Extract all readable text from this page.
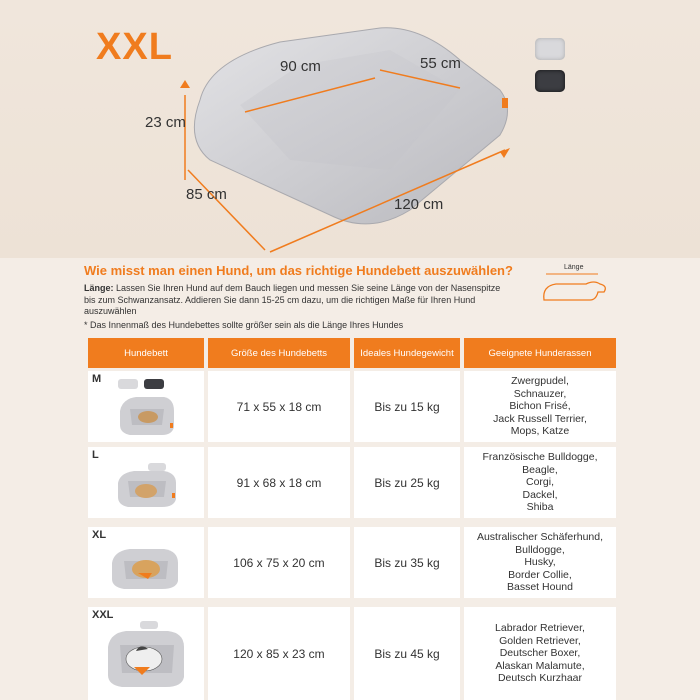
XXL	90 cm	55 cm
23 cm
85 cm
120 cm
Wie misst man einen Hund, um das richtige Hundebett auszuwählen?
Länge: Lassen Sie Ihren Hund auf dem Bauch liegen und messen Sie seine Länge von der Nasenspitze bis zum Schwanzansatz. Addieren Sie dann 15-25 cm dazu, um die richtigen Maße für Ihren Hund auszuwählen
* Das Innenmaß des Hundebettes sollte größer sein als die Länge Ihres Hundes
Länge
Hundebett	Größe des Hundebetts	Ideales Hundegewicht	Geeignete Hunderassen
M
71 x 55 x 18 cm	Bis zu 15 kg
Zwergpudel,
Schnauzer,
Bichon Frisé,
Jack Russell Terrier,
Mops, Katze
L
91 x 68 x 18 cm	Bis zu 25 kg
Französische Bulldogge,
Beagle,
Corgi,
Dackel,
Shiba
XL
106 x 75 x 20 cm	Bis zu 35 kg
Australischer Schäferhund,
Bulldogge,
Husky,
Border Collie,
Basset Hound
XXL
120 x 85 x 23 cm	Bis zu 45 kg
Labrador Retriever,
Golden Retriever,
Deutscher Boxer,
Alaskan Malamute,
Deutsch Kurzhaar
